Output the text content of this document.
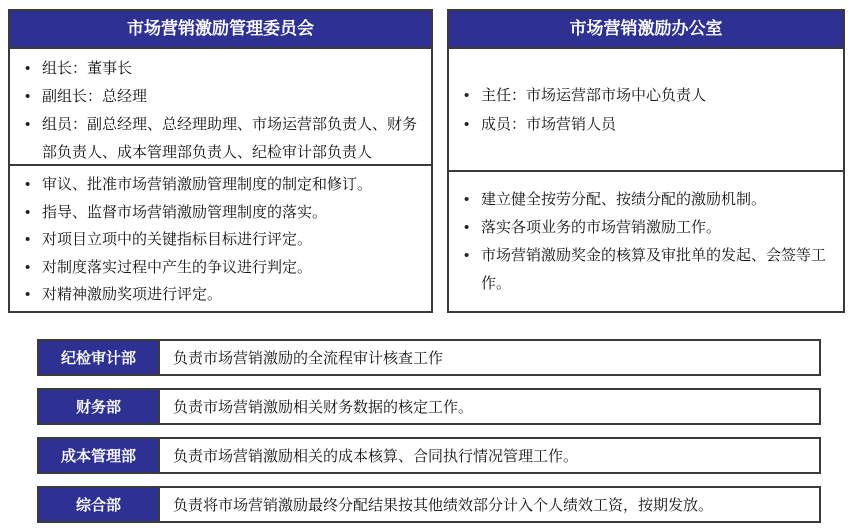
市场营销激励管理委员会
• 组长：董事长
• 副组长：总经理
• 组员：副总经理、总经理助理、市场运营部负责人、财务部负责人、成本管理部负责人、纪检审计部负责人
• 审议、批准市场营销激励管理制度的制定和修订。
• 指导、监督市场营销激励管理制度的落实。
• 对项目立项中的关键指标目标进行评定。
• 对制度落实过程中产生的争议进行判定。
• 对精神激励奖项进行评定。
市场营销激励办公室
• 主任：市场运营部市场中心负责人
• 成员：市场营销人员
• 建立健全按劳分配、按绩分配的激励机制。
• 落实各项业务的市场营销激励工作。
• 市场营销激励奖金的核算及审批单的发起、会签等工作。
纪检审计部	负责市场营销激励的全流程审计核查工作
财务部	负责市场营销激励相关财务数据的核定工作。
成本管理部	负责市场营销激励相关的成本核算、合同执行情况管理工作。
综合部	负责将市场营销激励最终分配结果按其他绩效部分计入个人绩效工资，按期发放。
